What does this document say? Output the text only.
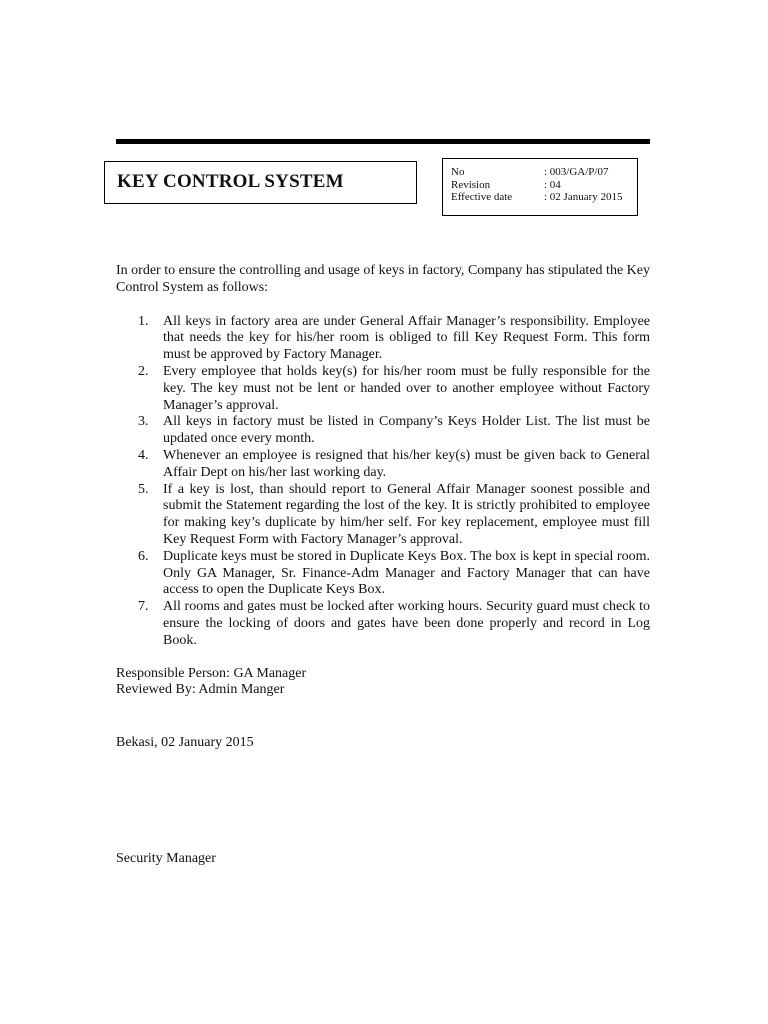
KEY CONTROL SYSTEM	No	: 003/GA/P/07
Revision	: 04
Effective date	: 02 January 2015

In order to ensure the controlling and usage of keys in factory, Company has stipulated the Key Control System as follows:

1. All keys in factory area are under General Affair Manager’s responsibility. Employee that needs the key for his/her room is obliged to fill Key Request Form. This form must be approved by Factory Manager.
2. Every employee that holds key(s) for his/her room must be fully responsible for the key. The key must not be lent or handed over to another employee without Factory Manager’s approval.
3. All keys in factory must be listed in Company’s Keys Holder List. The list must be updated once every month.
4. Whenever an employee is resigned that his/her key(s) must be given back to General Affair Dept on his/her last working day.
5. If a key is lost, than should report to General Affair Manager soonest possible and submit the Statement regarding the lost of the key. It is strictly prohibited to employee for making key’s duplicate by him/her self. For key replacement, employee must fill Key Request Form with Factory Manager’s approval.
6. Duplicate keys must be stored in Duplicate Keys Box. The box is kept in special room. Only GA Manager, Sr. Finance-Adm Manager and Factory Manager that can have access to open the Duplicate Keys Box.
7. All rooms and gates must be locked after working hours. Security guard must check to ensure the locking of doors and gates have been done properly and record in Log Book.
Responsible Person: GA Manager
Reviewed By: Admin Manger
Bekasi, 02 January 2015
Security Manager
